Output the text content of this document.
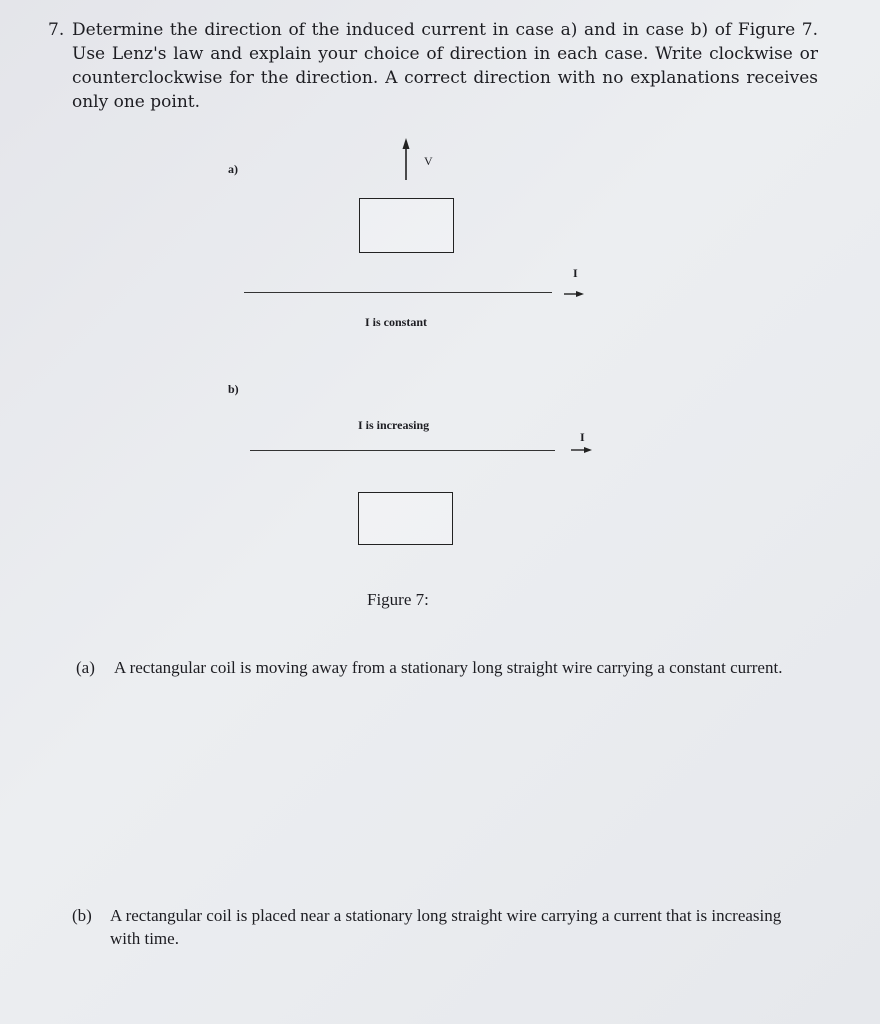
7. Determine the direction of the induced current in case a) and in case b) of Figure 7. Use Lenz's law and explain your choice of direction in each case. Write clockwise or counterclockwise for the direction. A correct direction with no explanations receives only one point.
a)
V
I
I is constant
b)
I is increasing
I
Figure 7:
(a) A rectangular coil is moving away from a stationary long straight wire carrying a constant current.
(b) A rectangular coil is placed near a stationary long straight wire carrying a current that is increasing with time.
